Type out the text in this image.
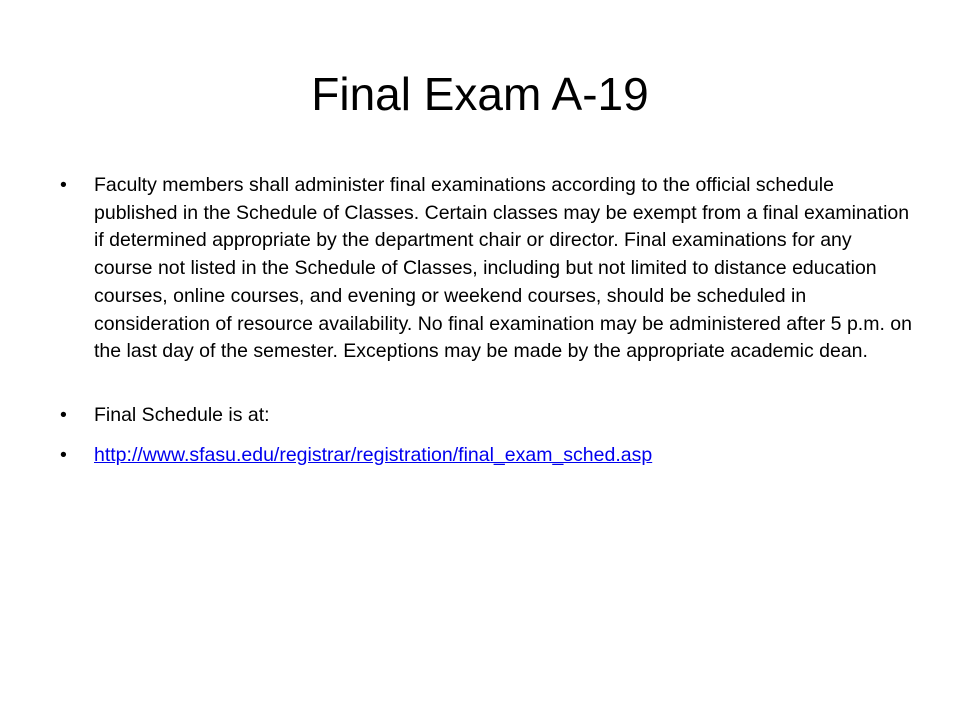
Final Exam A-19
• Faculty members shall administer final examinations according to the official schedule published in the Schedule of Classes. Certain classes may be exempt from a final examination if determined appropriate by the department chair or director. Final examinations for any course not listed in the Schedule of Classes, including but not limited to distance education courses, online courses, and evening or weekend courses, should be scheduled in consideration of resource availability. No final examination may be administered after 5 p.m. on the last day of the semester. Exceptions may be made by the appropriate academic dean.
• Final Schedule is at:
• http://www.sfasu.edu/registrar/registration/final_exam_sched.asp
